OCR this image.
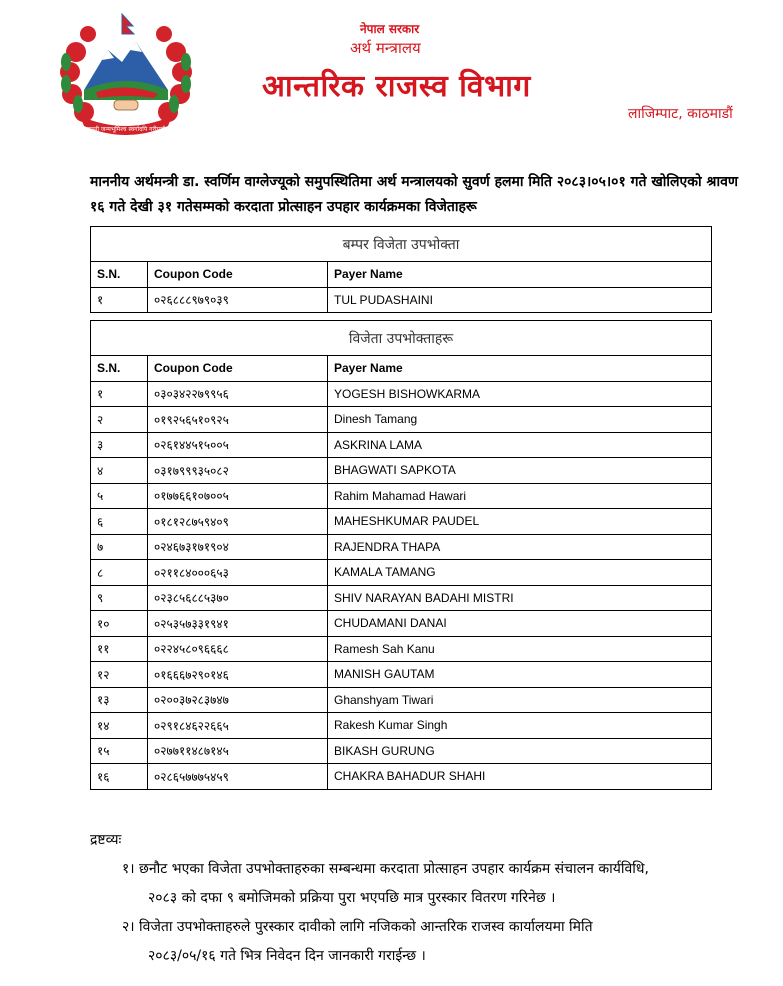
जननी जन्मभूमिश्च स्वर्गादपि गरीयसी
नेपाल सरकार
अर्थ मन्त्रालय
आन्तरिक राजस्व विभाग
लाजिम्पाट, काठमाडौं
माननीय अर्थमन्त्री डा. स्वर्णिम वाग्लेज्यूको समुपस्थितिमा अर्थ मन्त्रालयको सुवर्ण हलमा मिति २०८३।०५।०१ गते खोलिएको श्रावण १६ गते देखी ३१ गतेसम्मको करदाता प्रोत्साहन उपहार कार्यक्रमका विजेताहरू
बम्पर विजेता उपभोक्ता		
S.N.	Coupon Code	Payer Name
१	०२६८८८९७९०३९	TUL PUDASHAINI
विजेता उपभोक्ताहरू		
S.N.	Coupon Code	Payer Name
१	०३०३४२२७९९५६	YOGESH BISHOWKARMA
२	०१९२५६५१०९२५	Dinesh Tamang
३	०२६१४४५१५००५	ASKRINA LAMA
४	०३१७९९९३५०८२	BHAGWATI SAPKOTA
५	०१७७६६१०७००५	Rahim Mahamad Hawari
६	०१८१२८७५९४०९	MAHESHKUMAR PAUDEL
७	०२४६७३१७१९०४	RAJENDRA THAPA
८	०२११८४०००६५३	KAMALA TAMANG
९	०२३८५६८८५३७०	SHIV NARAYAN BADAHI MISTRI
१०	०२५३५७३३१९४१	CHUDAMANI DANAI
११	०२२४५८०९६६६८	Ramesh Sah Kanu
१२	०१६६६७२९०१४६	MANISH GAUTAM
१३	०२००३७२८३७४७	Ghanshyam Tiwari
१४	०२९१८४६२२६६५	Rakesh Kumar Singh
१५	०२७७११४८७१४५	BIKASH GURUNG
१६	०२८६५७७७५४५९	CHAKRA BAHADUR SHAHI
द्रष्टव्यः
१। छनौट भएका विजेता उपभोक्ताहरुका सम्बन्धमा करदाता प्रोत्साहन उपहार कार्यक्रम संचालन कार्यविधि,
२०८३ को दफा ९ बमोजिमको प्रक्रिया पुरा भएपछि मात्र पुरस्कार वितरण गरिनेछ ।
२। विजेता उपभोक्ताहरुले पुरस्कार दावीको लागि नजिकको आन्तरिक राजस्व कार्यालयमा मिति
२०८३/०५/१६ गते भित्र निवेदन दिन जानकारी गराईन्छ ।
